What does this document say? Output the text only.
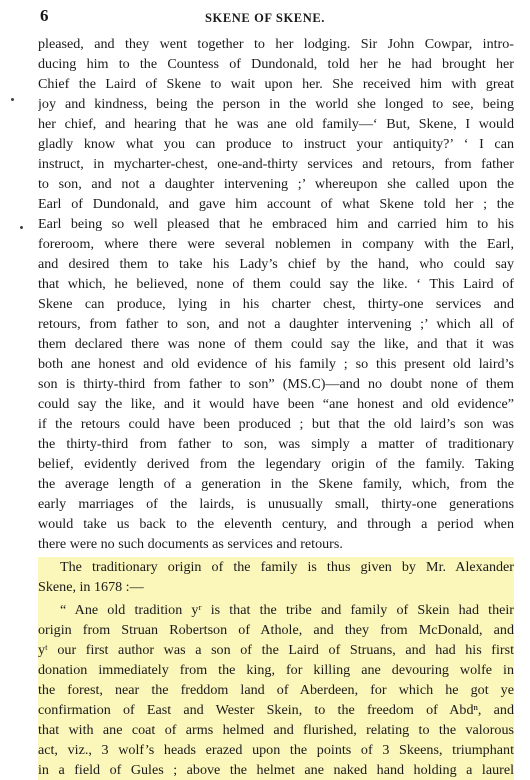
6	SKENE OF SKENE.
pleased, and they went together to her lodging. Sir John Cowpar, intro-
ducing him to the Countess of Dundonald, told her he had brought her
Chief the Laird of Skene to wait upon her. She received him with great
joy and kindness, being the person in the world she longed to see, being
her chief, and hearing that he was ane old family—‘ But, Skene, I would
gladly know what you can produce to instruct your antiquity?’ ‘ I can
instruct, in mycharter-chest, one-and-thirty services and retours, from father
to son, and not a daughter intervening ;’ whereupon she called upon the
Earl of Dundonald, and gave him account of what Skene told her ; the
Earl being so well pleased that he embraced him and carried him to his
foreroom, where there were several noblemen in company with the Earl,
and desired them to take his Lady’s chief by the hand, who could say
that which, he believed, none of them could say the like. ‘ This Laird of
Skene can produce, lying in his charter chest, thirty-one services and
retours, from father to son, and not a daughter intervening ;’ which all of
them declared there was none of them could say the like, and that it was
both ane honest and old evidence of his family ; so this present old laird’s
son is thirty-third from father to son” (MS.C)—and no doubt none of them
could say the like, and it would have been “ane honest and old evidence”
if the retours could have been produced ; but that the old laird’s son was
the thirty-third from father to son, was simply a matter of traditionary
belief, evidently derived from the legendary origin of the family. Taking
the average length of a generation in the Skene family, which, from the
early marriages of the lairds, is unusually small, thirty-one generations
would take us back to the eleventh century, and through a period when
there were no such documents as services and retours.
The traditionary origin of the family is thus given by Mr. Alexander
Skene, in 1678 :—
“ Ane old tradition yʳ is that the tribe and family of Skein had their
origin from Struan Robertson of Athole, and they from McDonald, and
yᵗ our first author was a son of the Laird of Struans, and had his first
donation immediately from the king, for killing ane devouring wolfe in
the forest, near the freddom land of Aberdeen, for which he got ye
confirmation of East and Wester Skein, to the freedom of Abdⁿ, and
that with ane coat of arms helmed and flurished, relating to the valorous
act, viz., 3 wolf’s heads erazed upon the points of 3 Skeens, triumphant
in a field of Gules ; above the helmet ane naked hand holding a laurel
